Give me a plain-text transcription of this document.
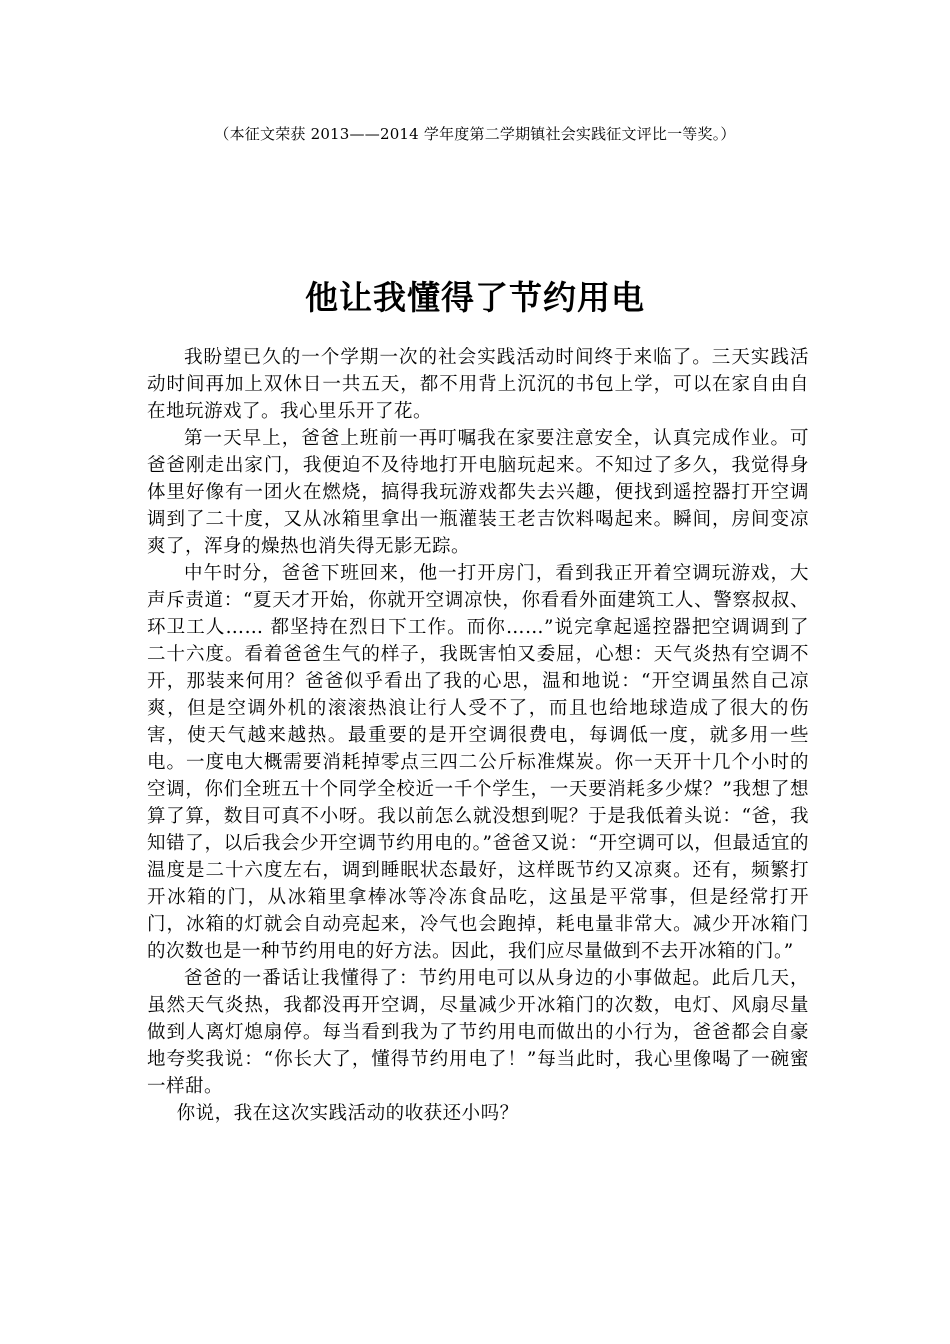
（本征文荣获 2013——2014 学年度第二学期镇社会实践征文评比一等奖。）
他让我懂得了节约用电

我盼望已久的一个学期一次的社会实践活动时间终于来临了。三天实践活动时间再加上双休日一共五天，都不用背上沉沉的书包上学，可以在家自由自在地玩游戏了。我心里乐开了花。

第一天早上，爸爸上班前一再叮嘱我在家要注意安全，认真完成作业。可爸爸刚走出家门，我便迫不及待地打开电脑玩起来。不知过了多久，我觉得身体里好像有一团火在燃烧，搞得我玩游戏都失去兴趣，便找到遥控器打开空调调到了二十度，又从冰箱里拿出一瓶灌装王老吉饮料喝起来。瞬间，房间变凉爽了，浑身的燥热也消失得无影无踪。

中午时分，爸爸下班回来，他一打开房门，看到我正开着空调玩游戏，大声斥责道：“夏天才开始，你就开空调凉快，你看看外面建筑工人、警察叔叔、环卫工人…… 都坚持在烈日下工作。而你……”说完拿起遥控器把空调调到了二十六度。看着爸爸生气的样子，我既害怕又委屈，心想：天气炎热有空调不开，那装来何用？爸爸似乎看出了我的心思，温和地说：“开空调虽然自己凉爽，但是空调外机的滚滚热浪让行人受不了，而且也给地球造成了很大的伤害，使天气越来越热。最重要的是开空调很费电，每调低一度，就多用一些电。一度电大概需要消耗掉零点三四二公斤标准煤炭。你一天开十几个小时的空调，你们全班五十个同学全校近一千个学生，一天要消耗多少煤？”我想了想算了算，数目可真不小呀。我以前怎么就没想到呢？于是我低着头说：“爸，我知错了，以后我会少开空调节约用电的。”爸爸又说：“开空调可以，但最适宜的温度是二十六度左右，调到睡眠状态最好，这样既节约又凉爽。还有，频繁打开冰箱的门，从冰箱里拿棒冰等冷冻食品吃，这虽是平常事，但是经常打开门，冰箱的灯就会自动亮起来，冷气也会跑掉，耗电量非常大。减少开冰箱门的次数也是一种节约用电的好方法。因此，我们应尽量做到不去开冰箱的门。”

爸爸的一番话让我懂得了：节约用电可以从身边的小事做起。此后几天，虽然天气炎热，我都没再开空调，尽量减少开冰箱门的次数，电灯、风扇尽量做到人离灯熄扇停。每当看到我为了节约用电而做出的小行为，爸爸都会自豪地夸奖我说：“你长大了，懂得节约用电了！”每当此时，我心里像喝了一碗蜜一样甜。

你说，我在这次实践活动的收获还小吗？
